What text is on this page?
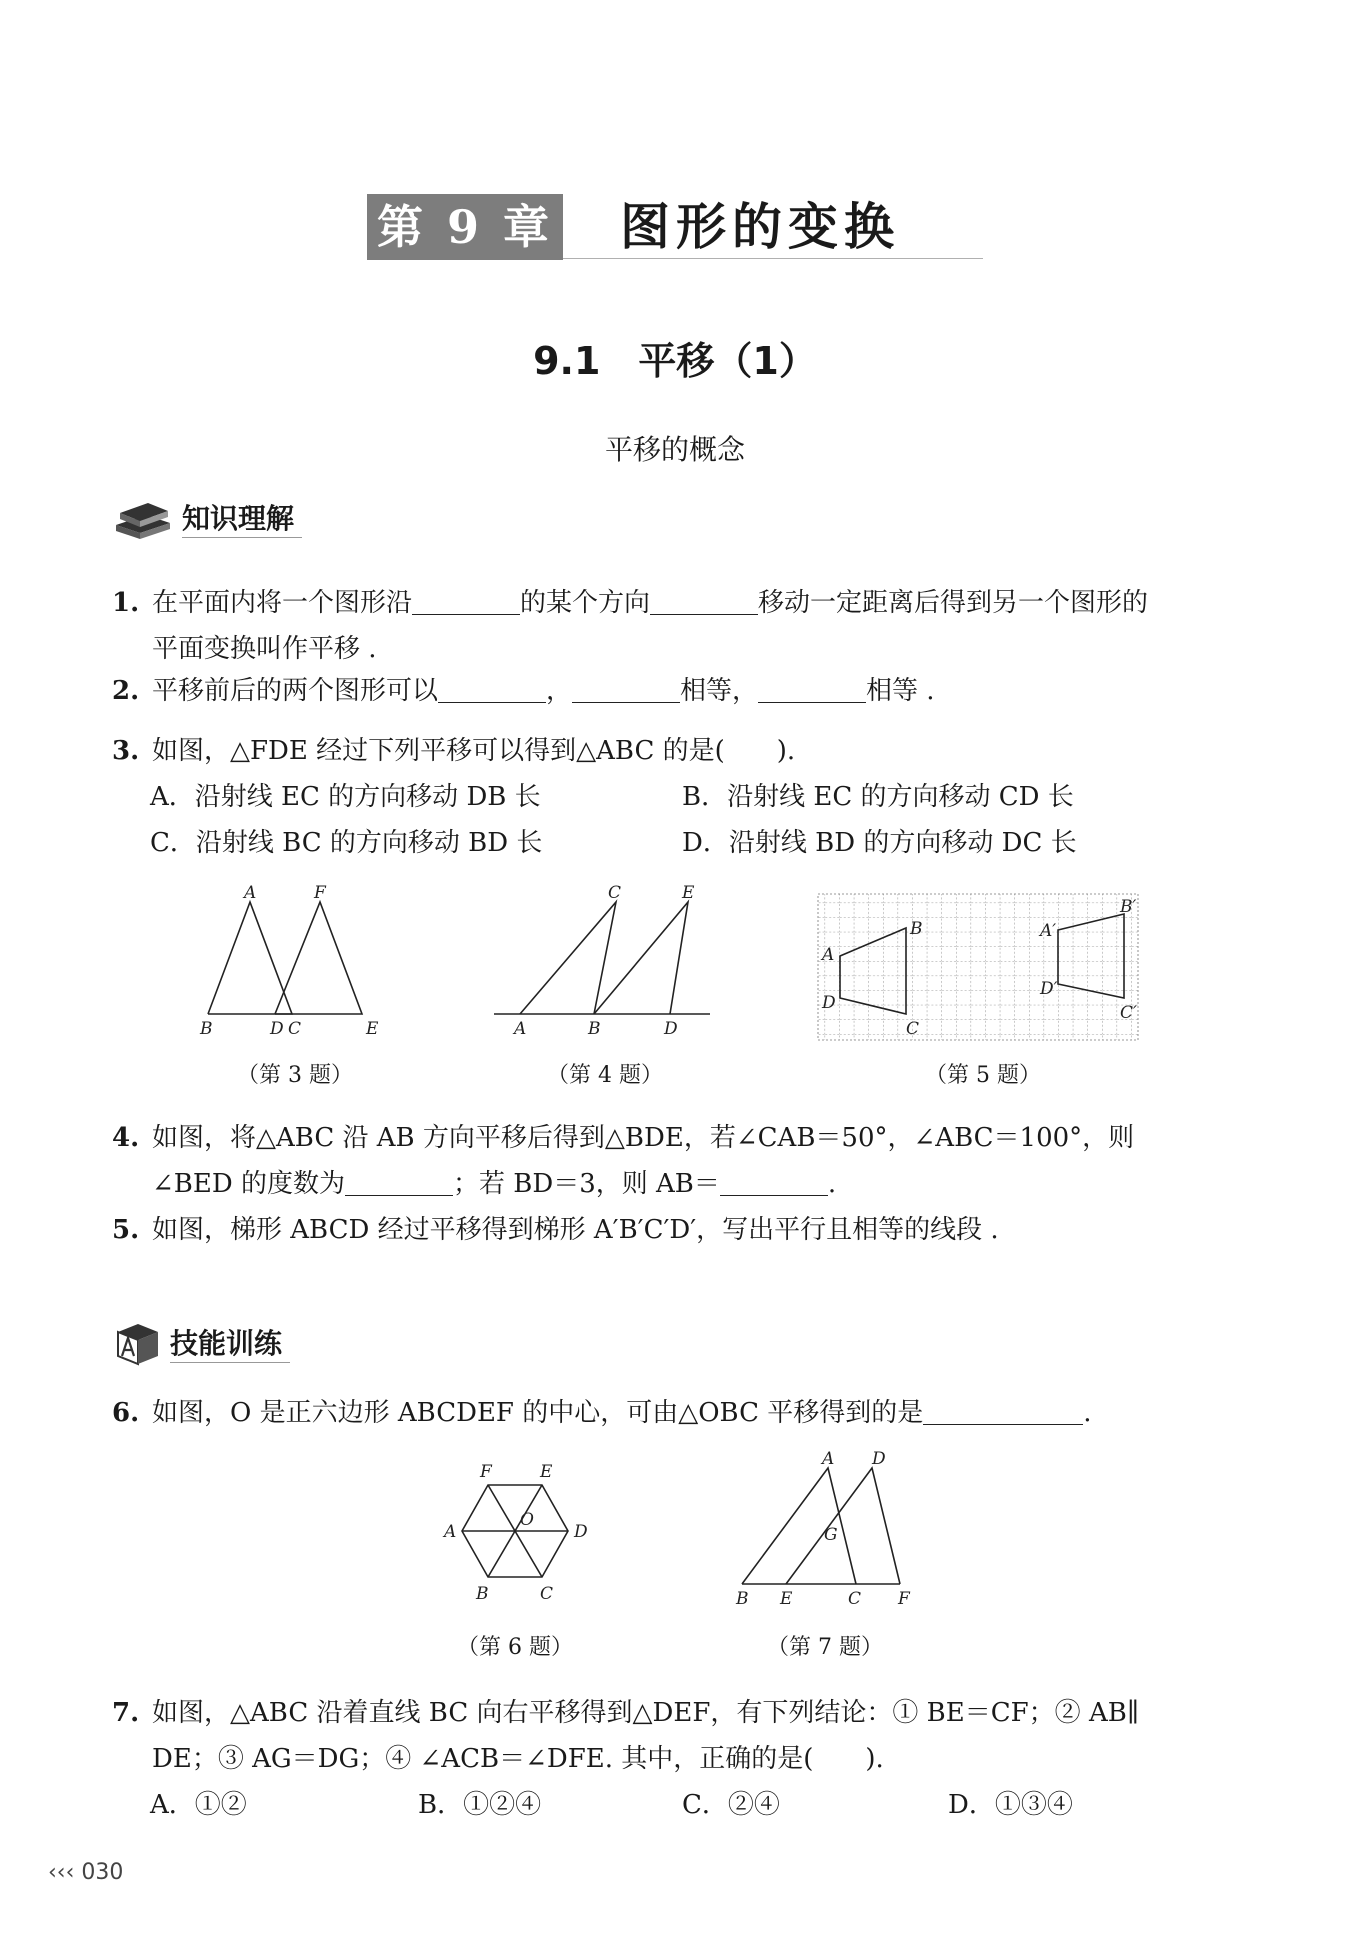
第 9 章 图形的变换
9.1　平移（1）
平移的概念
知识理解
1. 在平面内将一个图形沿	的某个方向	移动一定距离后得到另一个图形的
平面变换叫作平移 .
2. 平移前后的两个图形可以	，	相等，	相等 .
3. 如图，△FDE 经过下列平移可以得到△ABC 的是(　　).
A．沿射线 EC 的方向移动 DB 长	B．沿射线 EC 的方向移动 CD 长
C．沿射线 BC 的方向移动 BD 长	D．沿射线 BD 的方向移动 DC 长
A	F
B	D C	E
（第 3 题）
C	E
A	B	D
（第 4 题）
A
B
D
C
A′
B′
D′
C′
（第 5 题）
4. 如图，将△ABC 沿 AB 方向平移后得到△BDE，若∠CAB＝50°，∠ABC＝100°，则
∠BED 的度数为	；若 BD＝3，则 AB＝	.
5. 如图，梯形 ABCD 经过平移得到梯形 A′B′C′D′，写出平行且相等的线段 .
技能训练
6. 如图，O 是正六边形 ABCDEF 的中心，可由△OBC 平移得到的是	.
F	E
A
O
D
B	C
（第 6 题）
A D
G
B E	C F
（第 7 题）
7. 如图，△ABC 沿着直线 BC 向右平移得到△DEF，有下列结论：① BE＝CF；② AB∥
DE；③ AG＝DG；④ ∠ACB＝∠DFE. 其中，正确的是(　　).
A．①②	B．①②④	C．②④	D．①③④
‹‹‹ 030
